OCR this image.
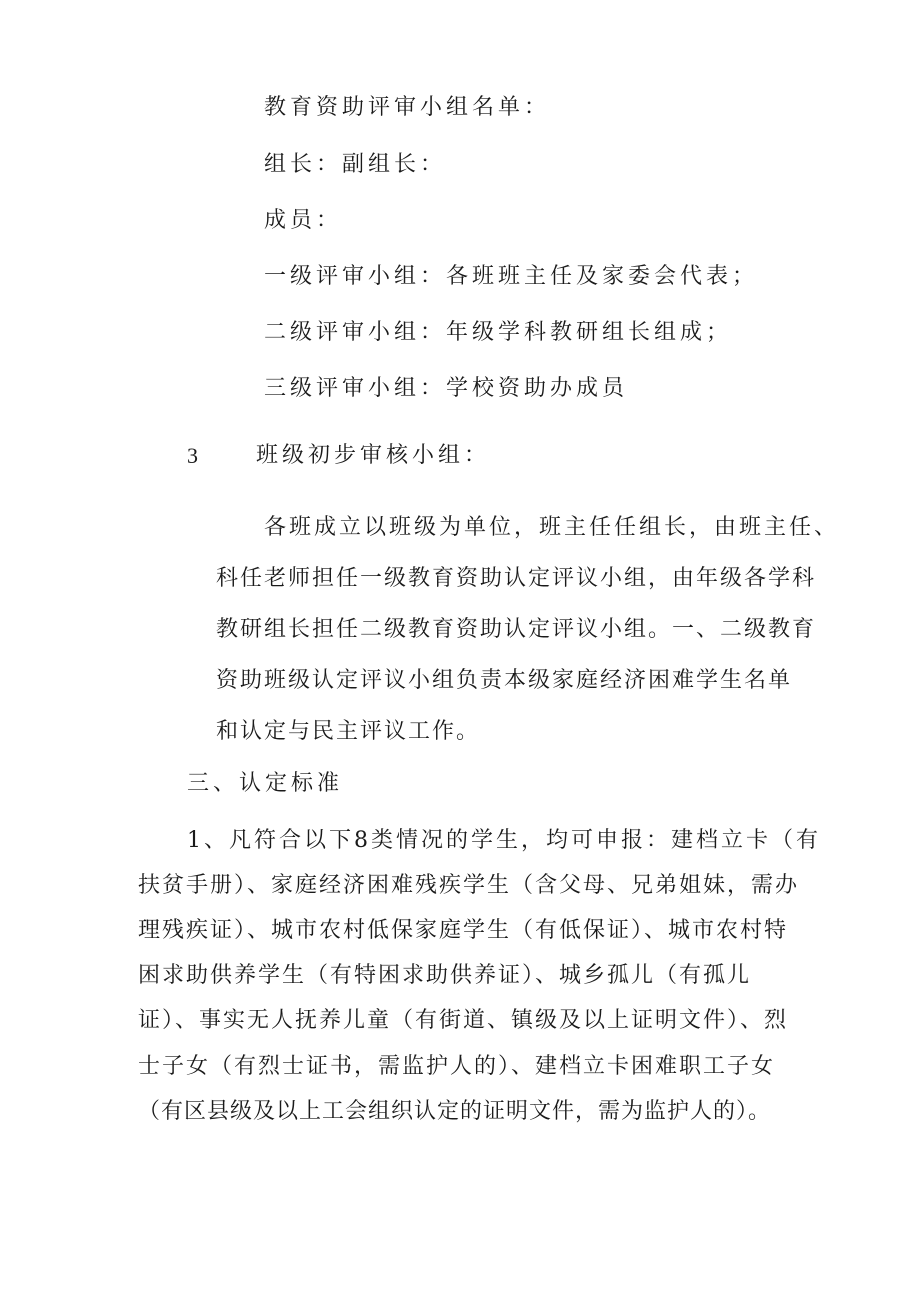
教育资助评审小组名单：
组长：副组长：
成员：
一级评审小组：各班班主任及家委会代表；
二级评审小组：年级学科教研组长组成；
三级评审小组：学校资助办成员
3	班级初步审核小组：
各班成立以班级为单位，班主任任组长，由班主任、
科任老师担任一级教育资助认定评议小组，由年级各学科
教研组长担任二级教育资助认定评议小组。一、二级教育
资助班级认定评议小组负责本级家庭经济困难学生名单
和认定与民主评议工作。
三、认定标准
1、凡符合以下8类情况的学生，均可申报：建档立卡（有
扶贫手册）、家庭经济困难残疾学生（含父母、兄弟姐妹，需办
理残疾证）、城市农村低保家庭学生（有低保证）、城市农村特
困求助供养学生（有特困求助供养证）、城乡孤儿（有孤儿
证）、事实无人抚养儿童（有街道、镇级及以上证明文件）、烈
士子女（有烈士证书，需监护人的）、建档立卡困难职工子女
（有区县级及以上工会组织认定的证明文件，需为监护人的）。
